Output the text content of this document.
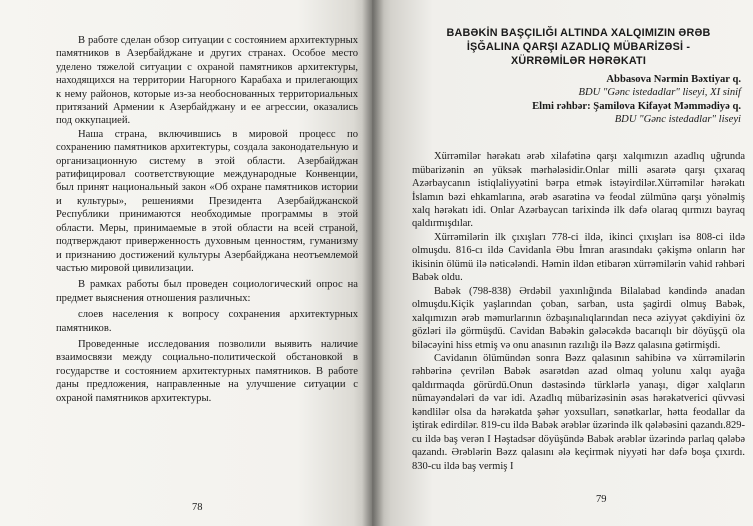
В работе сделан обзор ситуации с состоянием архитектурных памятников в Азербайджане и других странах. Особое место уделено тяжелой ситуации с охраной памятников архитектуры, находящихся на территории Нагорного Карабаха и прилегающих к нему районов, которые из-за необоснованных территориальных притязаний Армении к Азербайджану и ее агрессии, оказались под оккупацией.

Наша страна, включившись в мировой процесс по сохранению памятников архитектуры, создала законодательную и организационную систему в этой области. Азербайджан ратифицировал соответствующие международные Конвенции, был принят национальный закон «Об охране памятников истории и культуры», решениями Президента Азербайджанской Республики принимаются необходимые программы в этой области. Меры, принимаемые в этой области на всей страной, подтверждают приверженность духовным ценностям, гуманизму и признанию достижений культуры Азербайджана неотъемлемой частью мировой цивилизации.

В рамках работы был проведен социологический опрос на предмет выяснения отношения различных:

слоев населения к вопросу сохранения архитектурных памятников.

Проведенные исследования позволили выявить наличие взаимосвязи между социально-политической обстановкой в государстве и состоянием архитектурных памятников. В работе даны предложения, направленные на улучшение ситуации с охраной памятников архитектуры.

BABƏKİN BAŞÇILIĞI ALTINDA XALQIMIZIN ƏRƏB
İŞĞALINA QARŞI AZADLIQ MÜBARİZƏSİ -
XÜRRƏMİLƏR HƏRƏKATI
Abbasova Nərmin Bəxtiyar q.
BDU "Gənc istedadlar" liseyi, XI sinif
Elmi rəhbər: Şamilova Kifayət Məmmədiyə q.
BDU "Gənc istedadlar" liseyi

Xürrəmilər hərəkatı ərəb xilafətinə qarşı xalqımızın azadlıq uğrunda mübarizənin ən yüksək mərhələsidir.Onlar milli əsarətə qarşı çıxaraq Azərbaycanın istiqlaliyyətini bərpa etmək istəyirdilər.Xürrəmilər hərəkatı İslamın bəzi ehkamlarına, ərəb əsarətinə və feodal zülmünə qarşı yönəlmiş xalq hərəkatı idi. Onlar Azərbaycan tarixində ilk dəfə olaraq qırmızı bayraq qaldırmışdılar.

Xürrəmilərin ilk çıxışları 778-ci ildə, ikinci çıxışları isə 808-ci ildə olmuşdu. 816-cı ildə Cavidanla Əbu İmran arasındakı çəkişmə onların hər ikisinin ölümü ilə nəticələndi. Həmin ildən etibarən xürrəmilərin vahid rəhbəri Babək oldu.

Babək (798-838) Ərdəbil yaxınlığında Bilalabad kəndində anadan olmuşdu.Kiçik yaşlarından çoban, sarban, usta şagirdi olmuş Babək, xalqımızın ərəb məmurlarının özbaşınalıqlarından necə əziyyət çəkdiyini öz gözləri ilə görmüşdü. Cavidan Babəkin gələcəkdə bacarıqlı bir döyüşçü ola biləcəyini hiss etmiş və onu anasının razılığı ilə Bəzz qalasına gətirmişdi.

Cavidanın ölümündən sonra Bəzz qalasının sahibinə və xürrəmilərin rəhbərinə çevrilən Babək əsarətdən azad olmaq yolunu xalqı ayağa qaldırmaqda görürdü.Onun dəstəsində türklərlə yanaşı, digər xalqların nümayəndələri də var idi. Azadlıq mübarizəsinin əsas hərəkətverici qüvvəsi kəndlilər olsa da hərəkatda şəhər yoxsulları, sənətkarlar, hətta feodallar da iştirak edirdilər. 819-cu ildə Babək ərəblər üzərində ilk qələbəsini qazandı.829-cu ildə baş verən I Həştadsər döyüşündə Babək ərəblər üzərində parlaq qələbə qazandı. Ərəblərin Bəzz qalasını ələ keçirmək niyyəti hər dəfə boşa çıxırdı. 830-cu ildə baş vermiş I

78
79
